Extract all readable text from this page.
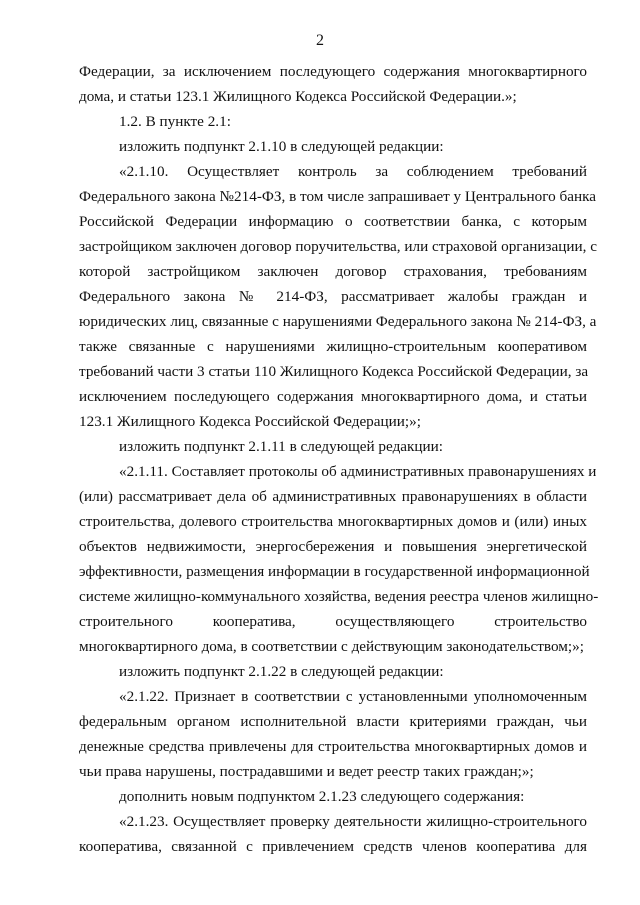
2
Федерации, за исключением последующего содержания многоквартирного
дома, и статьи 123.1 Жилищного Кодекса Российской Федерации.»;
1.2. В пункте 2.1:
изложить подпункт 2.1.10 в следующей редакции:
«2.1.10. Осуществляет контроль за соблюдением требований
Федерального закона №214-ФЗ, в том числе запрашивает у Центрального банка
Российской Федерации информацию о соответствии банка, с которым
застройщиком заключен договор поручительства, или страховой организации, с
которой застройщиком заключен договор страхования, требованиям
Федерального закона № 214-ФЗ, рассматривает жалобы граждан и
юридических лиц, связанные с нарушениями Федерального закона № 214-ФЗ, а
также связанные с нарушениями жилищно-строительным кооперативом
требований части 3 статьи 110 Жилищного Кодекса Российской Федерации, за
исключением последующего содержания многоквартирного дома, и статьи
123.1 Жилищного Кодекса Российской Федерации;»;
изложить подпункт 2.1.11 в следующей редакции:
«2.1.11. Составляет протоколы об административных правонарушениях и
(или) рассматривает дела об административных правонарушениях в области
строительства, долевого строительства многоквартирных домов и (или) иных
объектов недвижимости, энергосбережения и повышения энергетической
эффективности, размещения информации в государственной информационной
системе жилищно-коммунального хозяйства, ведения реестра членов жилищно-
строительного кооператива, осуществляющего строительство
многоквартирного дома, в соответствии с действующим законодательством;»;
изложить подпункт 2.1.22 в следующей редакции:
«2.1.22. Признает в соответствии с установленными уполномоченным
федеральным органом исполнительной власти критериями граждан, чьи
денежные средства привлечены для строительства многоквартирных домов и
чьи права нарушены, пострадавшими и ведет реестр таких граждан;»;
дополнить новым подпунктом 2.1.23 следующего содержания:
«2.1.23. Осуществляет проверку деятельности жилищно-строительного
кооператива, связанной с привлечением средств членов кооператива для
